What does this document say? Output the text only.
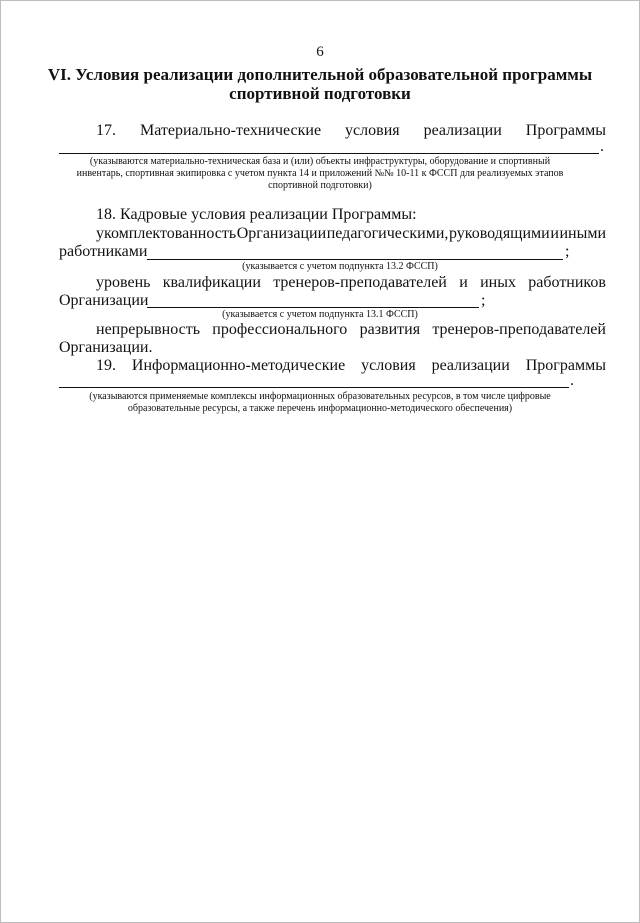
6
VI. Условия реализации дополнительной образовательной программы
спортивной подготовки
17. Материально-технические условия реализации Программы
.
(указываются материально-техническая база и (или) объекты инфраструктуры, оборудование и спортивный
инвентарь, спортивная экипировка с учетом пункта 14 и приложений №№ 10-11 к ФССП для реализуемых этапов
спортивной подготовки)
18. Кадровые условия реализации Программы:
укомплектованность Организации педагогическими, руководящими и иными
работниками	;
(указывается с учетом подпункта 13.2 ФССП)
уровень квалификации тренеров-преподавателей и иных работников
Организации	;
(указывается с учетом подпункта 13.1 ФССП)
непрерывность профессионального развития тренеров-преподавателей
Организации.
19. Информационно-методические условия реализации Программы
.
(указываются применяемые комплексы информационных образовательных ресурсов, в том числе цифровые
образовательные ресурсы, а также перечень информационно-методического обеспечения)
